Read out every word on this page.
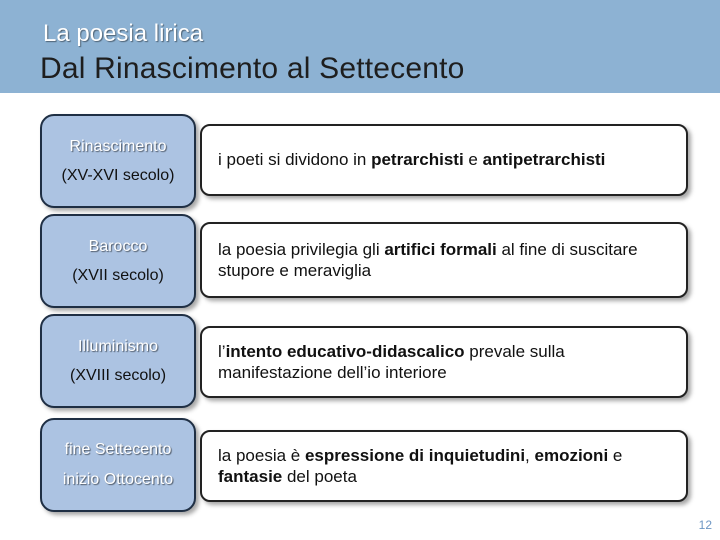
La poesia lirica
Dal Rinascimento al Settecento
Rinascimento
(XV-XVI secolo)
i poeti si dividono in petrarchisti e antipetrarchisti
Barocco
(XVII secolo)
la poesia privilegia gli artifici formali al fine di suscitare stupore e meraviglia
Illuminismo
(XVIII secolo)
l’intento educativo-didascalico prevale sulla manifestazione dell’io interiore
fine Settecento
inizio Ottocento
la poesia è espressione di inquietudini, emozioni e fantasie del poeta
12
